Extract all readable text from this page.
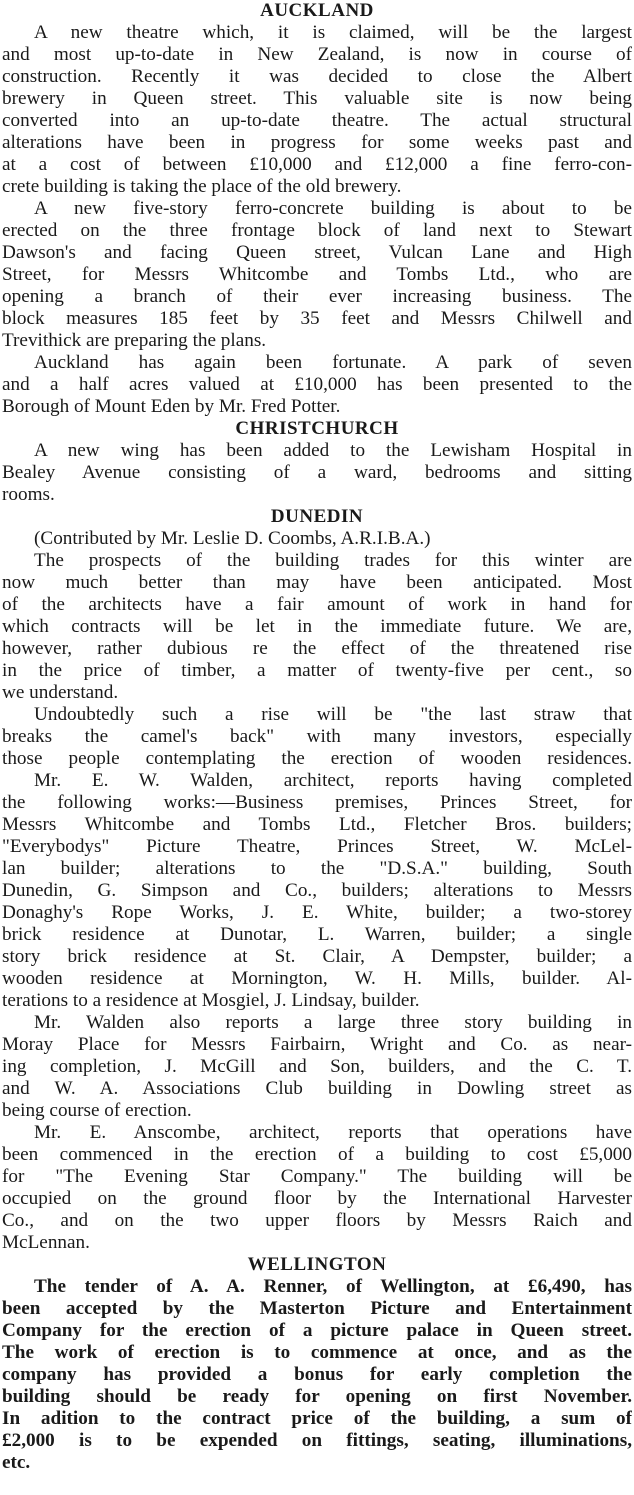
AUCKLAND
A new theatre which, it is claimed, will be the largest
and most up-to-date in New Zealand, is now in course of
construction. Recently it was decided to close the Albert
brewery in Queen street. This valuable site is now being
converted into an up-to-date theatre. The actual structural
alterations have been in progress for some weeks past and
at a cost of between £10,000 and £12,000 a fine ferro-con-
crete building is taking the place of the old brewery.
A new five-story ferro-concrete building is about to be
erected on the three frontage block of land next to Stewart
Dawson's and facing Queen street, Vulcan Lane and High
Street, for Messrs Whitcombe and Tombs Ltd., who are
opening a branch of their ever increasing business. The
block measures 185 feet by 35 feet and Messrs Chilwell and
Trevithick are preparing the plans.
Auckland has again been fortunate. A park of seven
and a half acres valued at £10,000 has been presented to the
Borough of Mount Eden by Mr. Fred Potter.
CHRISTCHURCH
A new wing has been added to the Lewisham Hospital in
Bealey Avenue consisting of a ward, bedrooms and sitting
rooms.
DUNEDIN
(Contributed by Mr. Leslie D. Coombs, A.R.I.B.A.)
The prospects of the building trades for this winter are
now much better than may have been anticipated. Most
of the architects have a fair amount of work in hand for
which contracts will be let in the immediate future. We are,
however, rather dubious re the effect of the threatened rise
in the price of timber, a matter of twenty-five per cent., so
we understand.
Undoubtedly such a rise will be "the last straw that
breaks the camel's back" with many investors, especially
those people contemplating the erection of wooden residences.
Mr. E. W. Walden, architect, reports having completed
the following works:—Business premises, Princes Street, for
Messrs Whitcombe and Tombs Ltd., Fletcher Bros. builders;
"Everybodys" Picture Theatre, Princes Street, W. McLel-
lan builder; alterations to the "D.S.A." building, South
Dunedin, G. Simpson and Co., builders; alterations to Messrs
Donaghy's Rope Works, J. E. White, builder; a two-storey
brick residence at Dunotar, L. Warren, builder; a single
story brick residence at St. Clair, A Dempster, builder; a
wooden residence at Mornington, W. H. Mills, builder. Al-
terations to a residence at Mosgiel, J. Lindsay, builder.
Mr. Walden also reports a large three story building in
Moray Place for Messrs Fairbairn, Wright and Co. as near-
ing completion, J. McGill and Son, builders, and the C. T.
and W. A. Associations Club building in Dowling street as
being course of erection.
Mr. E. Anscombe, architect, reports that operations have
been commenced in the erection of a building to cost £5,000
for "The Evening Star Company." The building will be
occupied on the ground floor by the International Harvester
Co., and on the two upper floors by Messrs Raich and
McLennan.
WELLINGTON
The tender of A. A. Renner, of Wellington, at £6,490, has
been accepted by the Masterton Picture and Entertainment
Company for the erection of a picture palace in Queen street.
The work of erection is to commence at once, and as the
company has provided a bonus for early completion the
building should be ready for opening on first November.
In adition to the contract price of the building, a sum of
£2,000 is to be expended on fittings, seating, illuminations,
etc.
